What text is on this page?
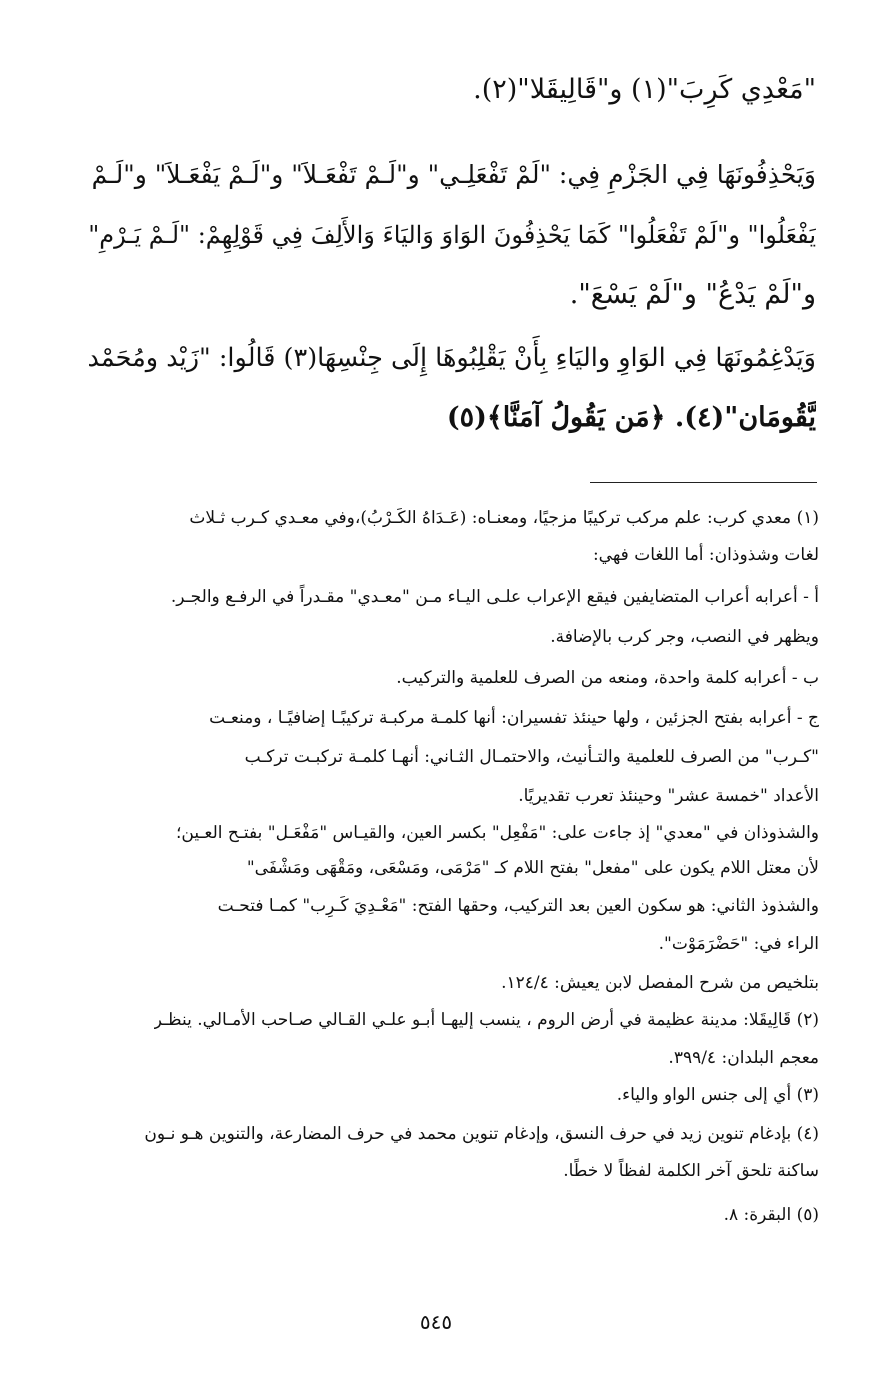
"مَعْدِي كَرِبَ"(١) و"قَالِيقَلا"(٢).
وَيَحْذِفُونَهَا فِي الجَزْمِ فِي: "لَمْ تَفْعَلِـي" و"لَـمْ تَفْعَـلاَ" و"لَـمْ يَفْعَـلاَ" و"لَـمْ
يَفْعَلُوا" و"لَمْ تَفْعَلُوا" كَمَا يَحْذِفُونَ الوَاوَ وَاليَاءَ وَالأَلِفَ فِي قَوْلِهِمْ: "لَـمْ يَـرْمِ"
و"لَمْ يَدْعُ" و"لَمْ يَسْعَ".
وَيَدْغِمُونَهَا فِي الوَاوِ واليَاءِ بِأَنْ يَقْلِبُوهَا إِلَى جِنْسِهَا(٣) قَالُوا: "زَيْد ومُحَمْد
يَّقُومَان"(٤). ﴿مَن يَقُولُ آمَنَّا﴾(٥)
(١) معدي كرب: علم مركب تركيبًا مزجيًا، ومعنـاه: (عَـدَاهُ الكَـرْبُ)،وفي معـدي كـرب ثـلاث
لغات وشذوذان: أما اللغات فهي:
أ - أعرابه أعراب المتضايفين فيقع الإعراب علـى اليـاء مـن "معـدي" مقـدراً في الرفـع والجـر.
ويظهر في النصب، وجر كرب بالإضافة.
ب - أعرابه كلمة واحدة، ومنعه من الصرف للعلمية والتركيب.
ج - أعرابه بفتح الجزئين ، ولها حينئذ تفسيران: أنها كلمـة مركبـة تركيبًـا إضافيًـا ، ومنعـت
"كـرب" من الصرف للعلمية والتـأنيث، والاحتمـال الثـاني: أنهـا كلمـة تركبـت تركـب
الأعداد "خمسة عشر" وحينئذ تعرب تقديريًا.
والشذوذان في "معدي" إذ جاءت على: "مَفْعِل" بكسر العين، والقيـاس "مَفْعَـل" بفتـح العـين؛
لأن معتل اللام يكون على "مفعل" بفتح اللام كـ "مَرْمَى، ومَسْعَى، ومَقْهَى ومَشْفَى"
والشذوذ الثاني: هو سكون العين بعد التركيب، وحقها الفتح: "مَعْـدِيَ كَـرِب" كمـا فتحـت
الراء في: "حَضْرَمَوْت".
بتلخيص من شرح المفصل لابن يعيش: ١٢٤/٤.
(٢) قَالِيقَلا: مدينة عظيمة في أرض الروم ، ينسب إليهـا أبـو علـي القـالي صـاحب الأمـالي. ينظـر
معجم البلدان: ٣٩٩/٤.
(٣) أي إلى جنس الواو والياء.
(٤) بإدغام تنوين زيد في حرف النسق، وإدغام تنوين محمد في حرف المضارعة، والتنوين هـو نـون
ساكنة تلحق آخر الكلمة لفظاً لا خطًا.
(٥) البقرة: ٨.
٥٤٥
